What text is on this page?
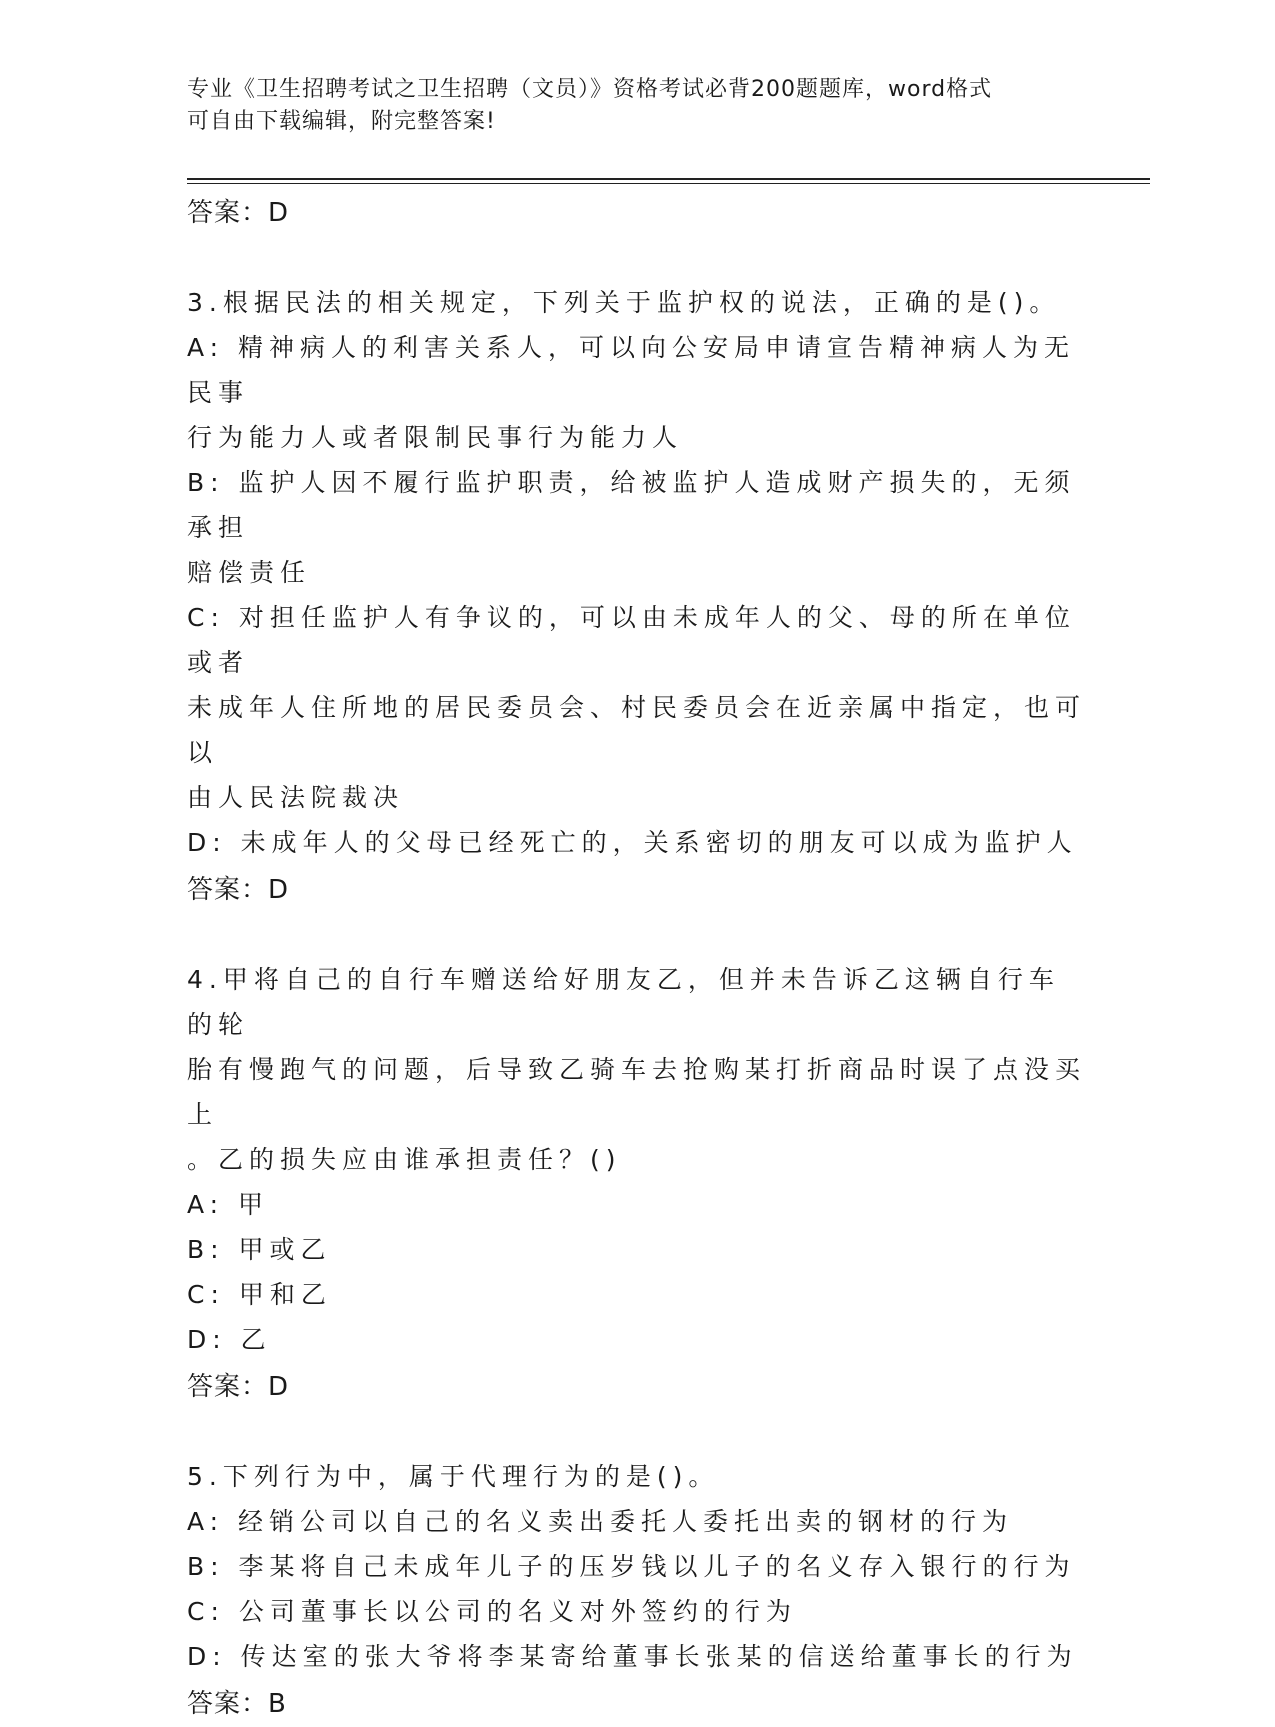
专业《卫生招聘考试之卫生招聘（文员）》资格考试必背200题题库，word格式
可自由下载编辑，附完整答案!

答案：D

3.根据民法的相关规定，下列关于监护权的说法，正确的是()。

A: 精神病人的利害关系人，可以向公安局申请宣告精神病人为无民事

行为能力人或者限制民事行为能力人

B: 监护人因不履行监护职责，给被监护人造成财产损失的，无须承担

赔偿责任

C: 对担任监护人有争议的，可以由未成年人的父、母的所在单位或者

未成年人住所地的居民委员会、村民委员会在近亲属中指定，也可以

由人民法院裁决

D: 未成年人的父母已经死亡的，关系密切的朋友可以成为监护人

答案：D

4.甲将自己的自行车赠送给好朋友乙，但并未告诉乙这辆自行车的轮

胎有慢跑气的问题，后导致乙骑车去抢购某打折商品时误了点没买上

。乙的损失应由谁承担责任？()

A: 甲

B: 甲或乙

C: 甲和乙

D: 乙

答案：D

5.下列行为中，属于代理行为的是()。

A: 经销公司以自己的名义卖出委托人委托出卖的钢材的行为

B: 李某将自己未成年儿子的压岁钱以儿子的名义存入银行的行为

C: 公司董事长以公司的名义对外签约的行为

D: 传达室的张大爷将李某寄给董事长张某的信送给董事长的行为

答案：B
